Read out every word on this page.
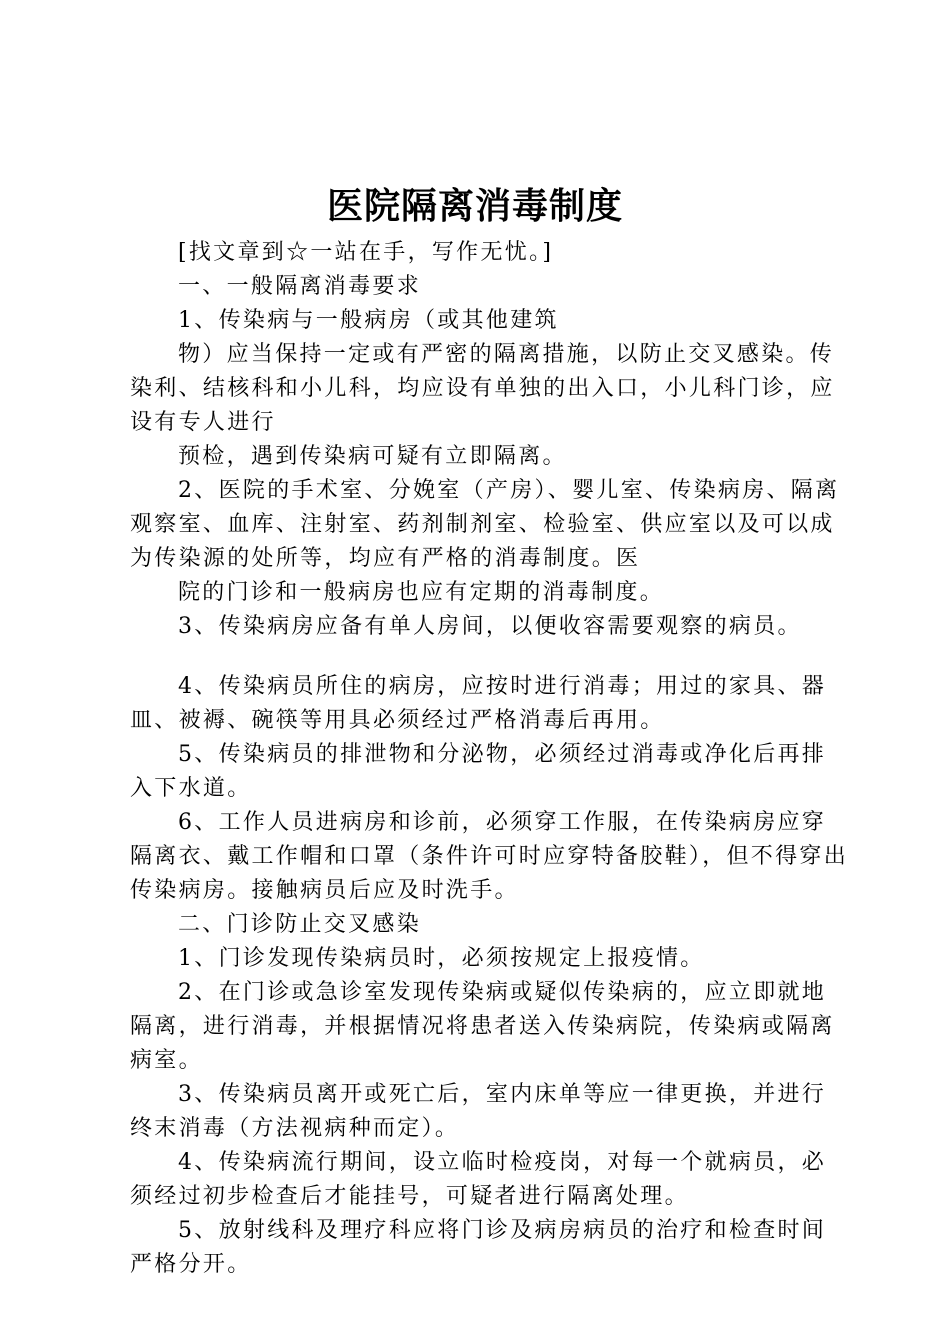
医院隔离消毒制度

[找文章到☆一站在手，写作无忧。]

一、一般隔离消毒要求

1、传染病与一般病房（或其他建筑

物）应当保持一定或有严密的隔离措施，以防止交叉感染。传染利、结核科和小儿科，均应设有单独的出入口，小儿科门诊，应设有专人进行

预检，遇到传染病可疑有立即隔离。

2、医院的手术室、分娩室（产房）、婴儿室、传染病房、隔离观察室、血库、注射室、药剂制剂室、检验室、供应室以及可以成为传染源的处所等，均应有严格的消毒制度。医

院的门诊和一般病房也应有定期的消毒制度。

3、传染病房应备有单人房间，以便收容需要观察的病员。

4、传染病员所住的病房，应按时进行消毒；用过的家具、器皿、被褥、碗筷等用具必须经过严格消毒后再用。

5、传染病员的排泄物和分泌物，必须经过消毒或净化后再排入下水道。

6、工作人员进病房和诊前，必须穿工作服，在传染病房应穿隔离衣、戴工作帽和口罩（条件许可时应穿特备胶鞋），但不得穿出传染病房。接触病员后应及时洗手。

二、门诊防止交叉感染

1、门诊发现传染病员时，必须按规定上报疫情。

2、在门诊或急诊室发现传染病或疑似传染病的，应立即就地隔离，进行消毒，并根据情况将患者送入传染病院，传染病或隔离病室。

3、传染病员离开或死亡后，室内床单等应一律更换，并进行终末消毒（方法视病种而定）。

4、传染病流行期间，设立临时检疫岗，对每一个就病员，必须经过初步检查后才能挂号，可疑者进行隔离处理。

5、放射线科及理疗科应将门诊及病房病员的治疗和检查时间严格分开。
